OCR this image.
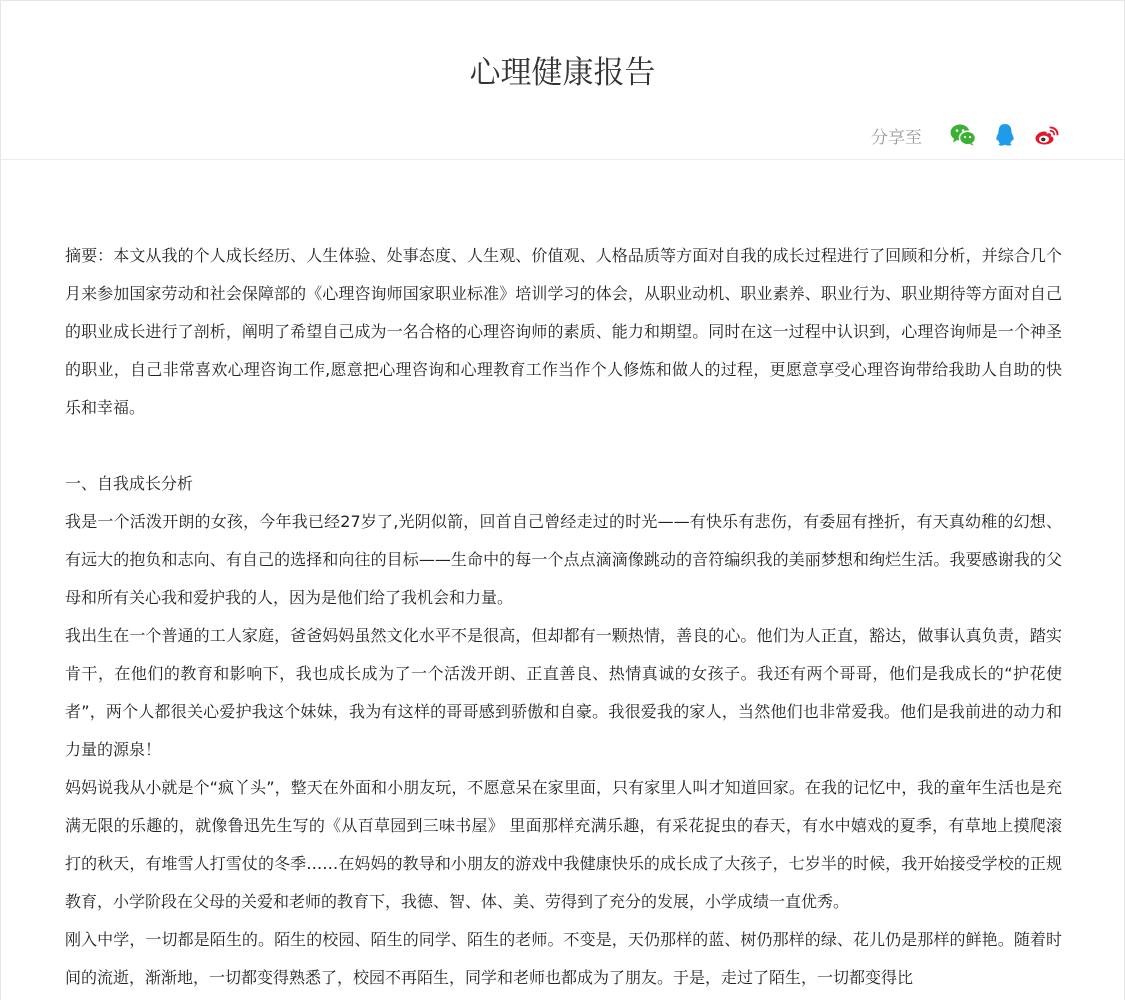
心理健康报告
分享至

摘要：本文从我的个人成长经历、人生体验、处事态度、人生观、价值观、人格品质等方面对自我的成长过程进行了回顾和分析，并综合几个月来参加国家劳动和社会保障部的《心理咨询师国家职业标准》培训学习的体会，从职业动机、职业素养、职业行为、职业期待等方面对自己的职业成长进行了剖析，阐明了希望自己成为一名合格的心理咨询师的素质、能力和期望。同时在这一过程中认识到，心理咨询师是一个神圣的职业，自己非常喜欢心理咨询工作,愿意把心理咨询和心理教育工作当作个人修炼和做人的过程，更愿意享受心理咨询带给我助人自助的快乐和幸福。

一、自我成长分析

我是一个活泼开朗的女孩，今年我已经27岁了,光阴似箭，回首自己曾经走过的时光——有快乐有悲伤，有委屈有挫折，有天真幼稚的幻想、有远大的抱负和志向、有自己的选择和向往的目标——生命中的每一个点点滴滴像跳动的音符编织我的美丽梦想和绚烂生活。我要感谢我的父母和所有关心我和爱护我的人，因为是他们给了我机会和力量。

我出生在一个普通的工人家庭，爸爸妈妈虽然文化水平不是很高，但却都有一颗热情，善良的心。他们为人正直，豁达，做事认真负责，踏实肯干，在他们的教育和影响下，我也成长成为了一个活泼开朗、正直善良、热情真诚的女孩子。我还有两个哥哥，他们是我成长的“护花使者”，两个人都很关心爱护我这个妹妹，我为有这样的哥哥感到骄傲和自豪。我很爱我的家人，当然他们也非常爱我。他们是我前进的动力和力量的源泉！

妈妈说我从小就是个“疯丫头”，整天在外面和小朋友玩，不愿意呆在家里面，只有家里人叫才知道回家。在我的记忆中，我的童年生活也是充满无限的乐趣的，就像鲁迅先生写的《从百草园到三味书屋》 里面那样充满乐趣，有采花捉虫的春天，有水中嬉戏的夏季，有草地上摸爬滚打的秋天，有堆雪人打雪仗的冬季……在妈妈的教导和小朋友的游戏中我健康快乐的成长成了大孩子，七岁半的时候，我开始接受学校的正规教育，小学阶段在父母的关爱和老师的教育下，我德、智、体、美、劳得到了充分的发展，小学成绩一直优秀。

刚入中学，一切都是陌生的。陌生的校园、陌生的同学、陌生的老师。不变是，天仍那样的蓝、树仍那样的绿、花儿仍是那样的鲜艳。随着时间的流逝，渐渐地，一切都变得熟悉了，校园不再陌生，同学和老师也都成为了朋友。于是，走过了陌生，一切都变得比
